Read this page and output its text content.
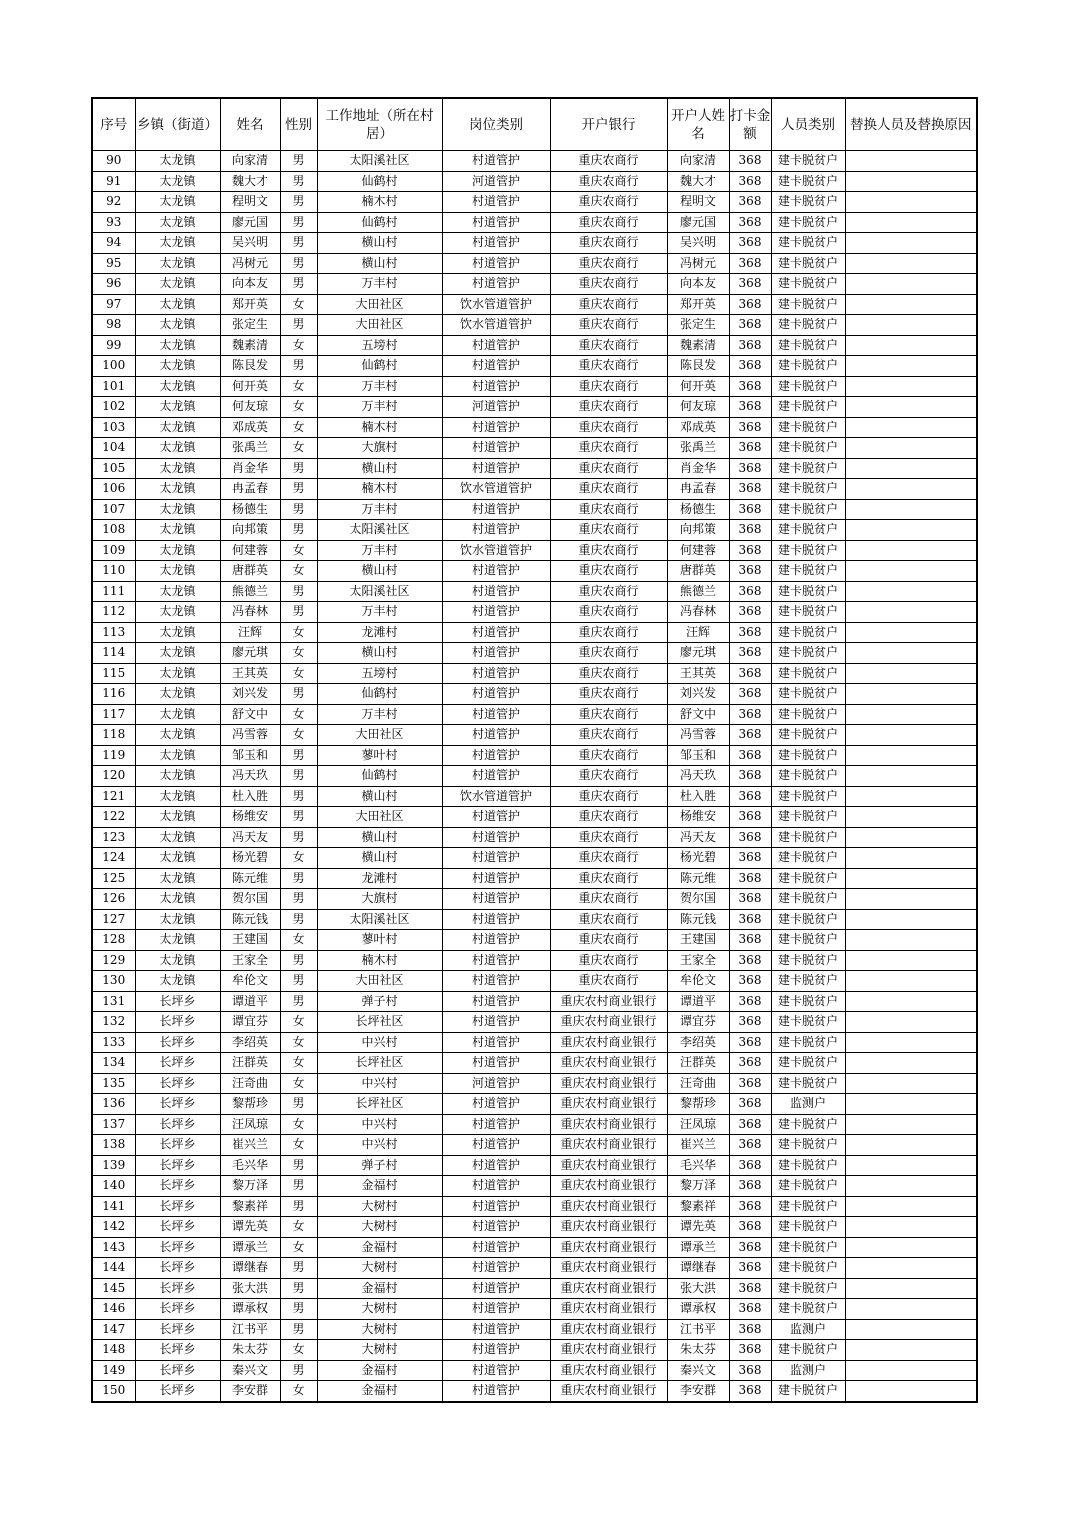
序号	乡镇（街道）	姓名	性别	工作地址（所在村居）	岗位类别	开户银行	开户人姓名	打卡金额	人员类别	替换人员及替换原因
90	太龙镇	向家清	男	太阳溪社区	村道管护	重庆农商行	向家清	368	建卡脱贫户	
91	太龙镇	魏大才	男	仙鹤村	河道管护	重庆农商行	魏大才	368	建卡脱贫户	
92	太龙镇	程明文	男	楠木村	村道管护	重庆农商行	程明文	368	建卡脱贫户	
93	太龙镇	廖元国	男	仙鹤村	村道管护	重庆农商行	廖元国	368	建卡脱贫户	
94	太龙镇	吴兴明	男	横山村	村道管护	重庆农商行	吴兴明	368	建卡脱贫户	
95	太龙镇	冯树元	男	横山村	村道管护	重庆农商行	冯树元	368	建卡脱贫户	
96	太龙镇	向本友	男	万丰村	村道管护	重庆农商行	向本友	368	建卡脱贫户	
97	太龙镇	郑开英	女	大田社区	饮水管道管护	重庆农商行	郑开英	368	建卡脱贫户	
98	太龙镇	张定生	男	大田社区	饮水管道管护	重庆农商行	张定生	368	建卡脱贫户	
99	太龙镇	魏素清	女	五塝村	村道管护	重庆农商行	魏素清	368	建卡脱贫户	
100	太龙镇	陈艮发	男	仙鹤村	村道管护	重庆农商行	陈艮发	368	建卡脱贫户	
101	太龙镇	何开英	女	万丰村	村道管护	重庆农商行	何开英	368	建卡脱贫户	
102	太龙镇	何友琼	女	万丰村	河道管护	重庆农商行	何友琼	368	建卡脱贫户	
103	太龙镇	邓成英	女	楠木村	村道管护	重庆农商行	邓成英	368	建卡脱贫户	
104	太龙镇	张禹兰	女	大旗村	村道管护	重庆农商行	张禹兰	368	建卡脱贫户	
105	太龙镇	肖金华	男	横山村	村道管护	重庆农商行	肖金华	368	建卡脱贫户	
106	太龙镇	冉孟春	男	楠木村	饮水管道管护	重庆农商行	冉孟春	368	建卡脱贫户	
107	太龙镇	杨德生	男	万丰村	村道管护	重庆农商行	杨德生	368	建卡脱贫户	
108	太龙镇	向邦策	男	太阳溪社区	村道管护	重庆农商行	向邦策	368	建卡脱贫户	
109	太龙镇	何建蓉	女	万丰村	饮水管道管护	重庆农商行	何建蓉	368	建卡脱贫户	
110	太龙镇	唐群英	女	横山村	村道管护	重庆农商行	唐群英	368	建卡脱贫户	
111	太龙镇	熊德兰	男	太阳溪社区	村道管护	重庆农商行	熊德兰	368	建卡脱贫户	
112	太龙镇	冯春林	男	万丰村	村道管护	重庆农商行	冯春林	368	建卡脱贫户	
113	太龙镇	汪辉	女	龙滩村	村道管护	重庆农商行	汪辉	368	建卡脱贫户	
114	太龙镇	廖元琪	女	横山村	村道管护	重庆农商行	廖元琪	368	建卡脱贫户	
115	太龙镇	王其英	女	五塝村	村道管护	重庆农商行	王其英	368	建卡脱贫户	
116	太龙镇	刘兴发	男	仙鹤村	村道管护	重庆农商行	刘兴发	368	建卡脱贫户	
117	太龙镇	舒文中	女	万丰村	村道管护	重庆农商行	舒文中	368	建卡脱贫户	
118	太龙镇	冯雪蓉	女	大田社区	村道管护	重庆农商行	冯雪蓉	368	建卡脱贫户	
119	太龙镇	邹玉和	男	蓼叶村	村道管护	重庆农商行	邹玉和	368	建卡脱贫户	
120	太龙镇	冯天玖	男	仙鹤村	村道管护	重庆农商行	冯天玖	368	建卡脱贫户	
121	太龙镇	杜入胜	男	横山村	饮水管道管护	重庆农商行	杜入胜	368	建卡脱贫户	
122	太龙镇	杨维安	男	大田社区	村道管护	重庆农商行	杨维安	368	建卡脱贫户	
123	太龙镇	冯天友	男	横山村	村道管护	重庆农商行	冯天友	368	建卡脱贫户	
124	太龙镇	杨光碧	女	横山村	村道管护	重庆农商行	杨光碧	368	建卡脱贫户	
125	太龙镇	陈元维	男	龙滩村	村道管护	重庆农商行	陈元维	368	建卡脱贫户	
126	太龙镇	贺尔国	男	大旗村	村道管护	重庆农商行	贺尔国	368	建卡脱贫户	
127	太龙镇	陈元钱	男	太阳溪社区	村道管护	重庆农商行	陈元钱	368	建卡脱贫户	
128	太龙镇	王建国	女	蓼叶村	村道管护	重庆农商行	王建国	368	建卡脱贫户	
129	太龙镇	王家全	男	楠木村	村道管护	重庆农商行	王家全	368	建卡脱贫户	
130	太龙镇	牟伦文	男	大田社区	村道管护	重庆农商行	牟伦文	368	建卡脱贫户	
131	长坪乡	谭道平	男	弹子村	村道管护	重庆农村商业银行	谭道平	368	建卡脱贫户	
132	长坪乡	谭宜芬	女	长坪社区	村道管护	重庆农村商业银行	谭宜芬	368	建卡脱贫户	
133	长坪乡	李绍英	女	中兴村	村道管护	重庆农村商业银行	李绍英	368	建卡脱贫户	
134	长坪乡	汪群英	女	长坪社区	村道管护	重庆农村商业银行	汪群英	368	建卡脱贫户	
135	长坪乡	汪奇曲	女	中兴村	河道管护	重庆农村商业银行	汪奇曲	368	建卡脱贫户	
136	长坪乡	黎帮珍	男	长坪社区	村道管护	重庆农村商业银行	黎帮珍	368	监测户	
137	长坪乡	汪凤琼	女	中兴村	村道管护	重庆农村商业银行	汪凤琼	368	建卡脱贫户	
138	长坪乡	崔兴兰	女	中兴村	村道管护	重庆农村商业银行	崔兴兰	368	建卡脱贫户	
139	长坪乡	毛兴华	男	弹子村	村道管护	重庆农村商业银行	毛兴华	368	建卡脱贫户	
140	长坪乡	黎万泽	男	金福村	村道管护	重庆农村商业银行	黎万泽	368	建卡脱贫户	
141	长坪乡	黎素祥	男	大树村	村道管护	重庆农村商业银行	黎素祥	368	建卡脱贫户	
142	长坪乡	谭先英	女	大树村	村道管护	重庆农村商业银行	谭先英	368	建卡脱贫户	
143	长坪乡	谭承兰	女	金福村	村道管护	重庆农村商业银行	谭承兰	368	建卡脱贫户	
144	长坪乡	谭继春	男	大树村	村道管护	重庆农村商业银行	谭继春	368	建卡脱贫户	
145	长坪乡	张大洪	男	金福村	村道管护	重庆农村商业银行	张大洪	368	建卡脱贫户	
146	长坪乡	谭承权	男	大树村	村道管护	重庆农村商业银行	谭承权	368	建卡脱贫户	
147	长坪乡	江书平	男	大树村	村道管护	重庆农村商业银行	江书平	368	监测户	
148	长坪乡	朱太芬	女	大树村	村道管护	重庆农村商业银行	朱太芬	368	建卡脱贫户	
149	长坪乡	秦兴文	男	金福村	村道管护	重庆农村商业银行	秦兴文	368	监测户	
150	长坪乡	李安群	女	金福村	村道管护	重庆农村商业银行	李安群	368	建卡脱贫户	
